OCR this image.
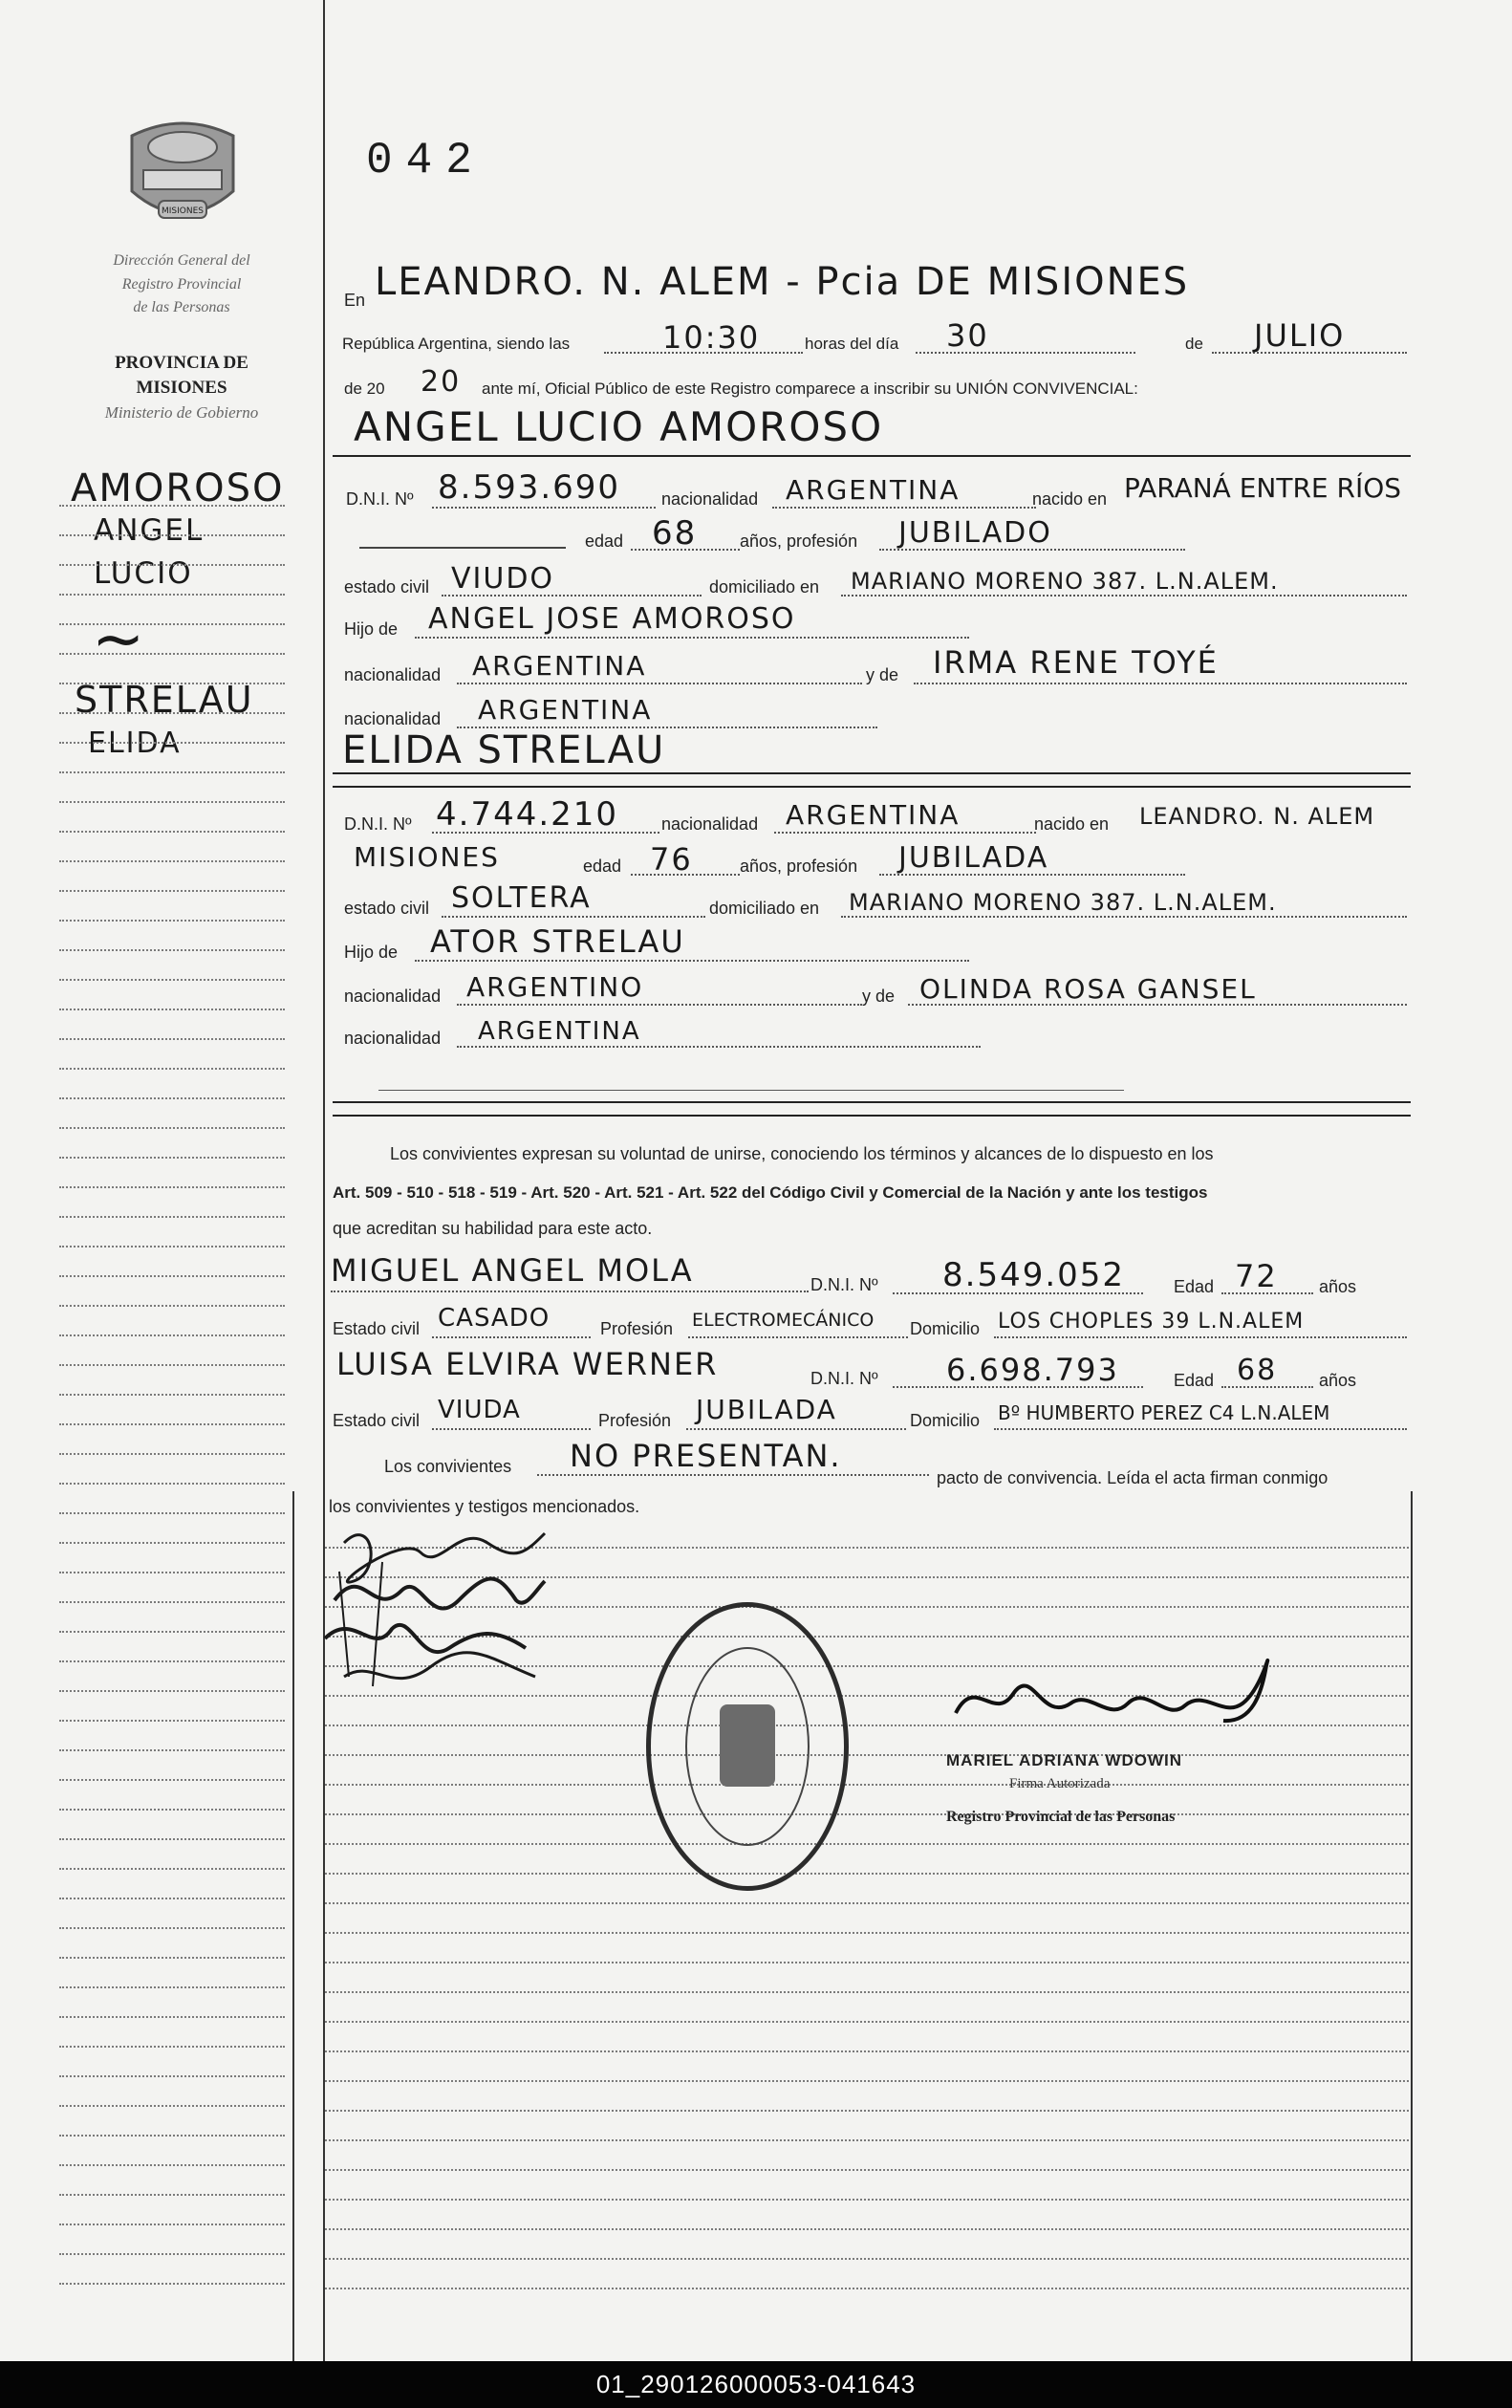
MISIONES
Dirección General del
Registro Provincial
de las Personas
PROVINCIA DE
MISIONES
Ministerio de Gobierno
AMOROSO
ANGEL
LUCIO
~
STRELAU
ELIDA
042
En LEANDRO. N. ALEM - Pcia DE MISIONES
República Argentina, siendo las	10:30	horas del día 30	de JULIO
de 20 20 ante mí, Oficial Público de este Registro comparece a inscribir su UNIÓN CONVIVENCIAL:
ANGEL LUCIO AMOROSO
D.N.I. Nº 8.593.690 nacionalidad ARGENTINA	nacido en PARANÁ ENTRE RÍOS
edad 68 años, profesión JUBILADO
estado civil VIUDO	domiciliado en MARIANO MORENO 387. L.N.ALEM.
Hijo de ANGEL JOSE AMOROSO
nacionalidad ARGENTINA	y de IRMA RENE TOYÉ
nacionalidad ARGENTINA
ELIDA STRELAU
D.N.I. Nº 4.744.210 nacionalidad ARGENTINA	nacido en LEANDRO. N. ALEM
MISIONES	edad 76	años, profesión JUBILADA
estado civil SOLTERA	domiciliado en MARIANO MORENO 387. L.N.ALEM.
Hijo de ATOR STRELAU
nacionalidad ARGENTINO	y de OLINDA ROSA GANSEL
nacionalidad ARGENTINA
Los convivientes expresan su voluntad de unirse, conociendo los términos y alcances de lo dispuesto en los
Art. 509 - 510 - 518 - 519 - Art. 520 - Art. 521 - Art. 522 del Código Civil y Comercial de la Nación y ante los testigos
que acreditan su habilidad para este acto.
MIGUEL ANGEL MOLA	D.N.I. Nº 8.549.052	Edad 72 años
Estado civil CASADO	Profesión ELECTROMECÁNICO Domicilio LOS CHOPLES 39 L.N.ALEM
LUISA ELVIRA WERNER	D.N.I. Nº 6.698.793	Edad 68 años
Estado civil VIUDA	Profesión JUBILADA	Domicilio Bº HUMBERTO PEREZ C4 L.N.ALEM
Los convivientes NO PRESENTAN.
pacto de convivencia. Leída el acta firman conmigo
los convivientes y testigos mencionados.
MARIEL ADRIANA WDOWIN
Firma Autorizada
Registro Provincial de las Personas
01_290126000053-041643
